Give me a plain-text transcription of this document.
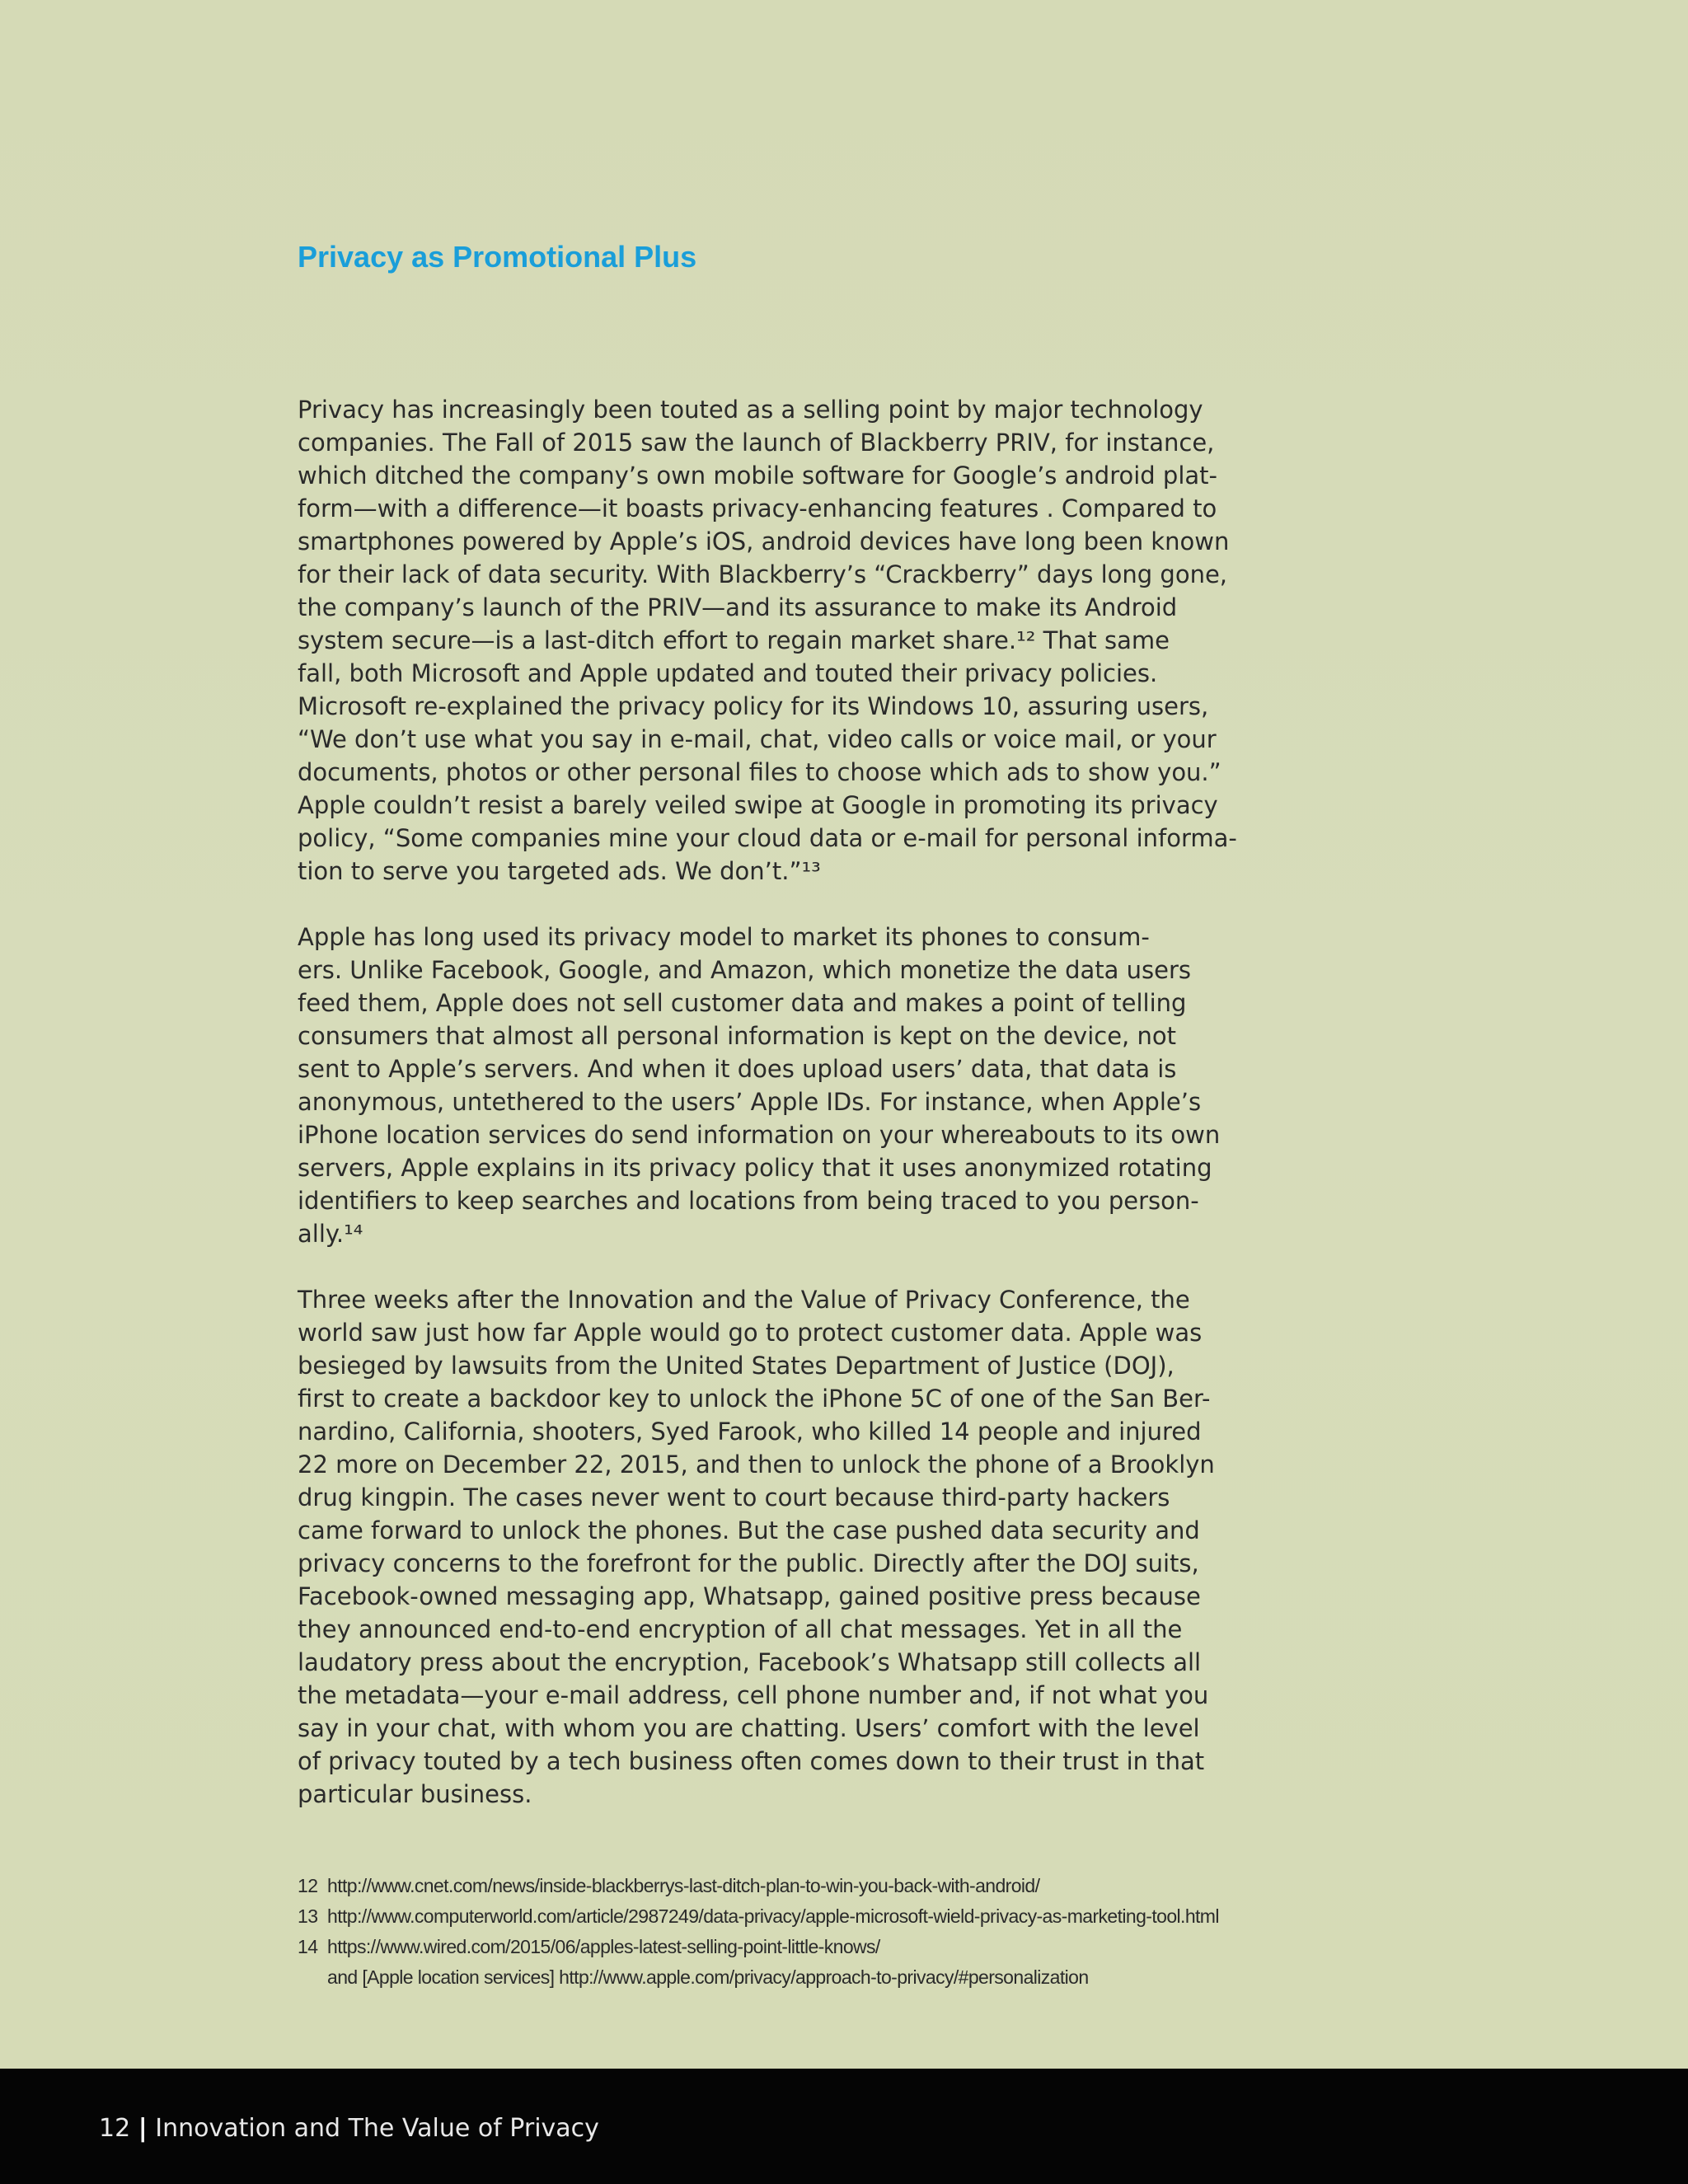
Privacy as Promotional Plus

Privacy has increasingly been touted as a selling point by major technology
companies. The Fall of 2015 saw the launch of Blackberry PRIV, for instance,
which ditched the company’s own mobile software for Google’s android plat-
form—with a difference—it boasts privacy-enhancing features . Compared to
smartphones powered by Apple’s iOS, android devices have long been known
for their lack of data security. With Blackberry’s “Crackberry” days long gone,
the company’s launch of the PRIV—and its assurance to make its Android
system secure—is a last-ditch effort to regain market share.¹² That same
fall, both Microsoft and Apple updated and touted their privacy policies.
Microsoft re-explained the privacy policy for its Windows 10, assuring users,
“We don’t use what you say in e-mail, chat, video calls or voice mail, or your
documents, photos or other personal files to choose which ads to show you.”
Apple couldn’t resist a barely veiled swipe at Google in promoting its privacy
policy, “Some companies mine your cloud data or e-mail for personal informa-
tion to serve you targeted ads. We don’t.”¹³

Apple has long used its privacy model to market its phones to consum-
ers. Unlike Facebook, Google, and Amazon, which monetize the data users
feed them, Apple does not sell customer data and makes a point of telling
consumers that almost all personal information is kept on the device, not
sent to Apple’s servers. And when it does upload users’ data, that data is
anonymous, untethered to the users’ Apple IDs. For instance, when Apple’s
iPhone location services do send information on your whereabouts to its own
servers, Apple explains in its privacy policy that it uses anonymized rotating
identifiers to keep searches and locations from being traced to you person-
ally.¹⁴

Three weeks after the Innovation and the Value of Privacy Conference, the
world saw just how far Apple would go to protect customer data. Apple was
besieged by lawsuits from the United States Department of Justice (DOJ),
first to create a backdoor key to unlock the iPhone 5C of one of the San Ber-
nardino, California, shooters, Syed Farook, who killed 14 people and injured
22 more on December 22, 2015, and then to unlock the phone of a Brooklyn
drug kingpin. The cases never went to court because third-party hackers
came forward to unlock the phones. But the case pushed data security and
privacy concerns to the forefront for the public. Directly after the DOJ suits,
Facebook-owned messaging app, Whatsapp, gained positive press because
they announced end-to-end encryption of all chat messages. Yet in all the
laudatory press about the encryption, Facebook’s Whatsapp still collects all
the metadata—your e-mail address, cell phone number and, if not what you
say in your chat, with whom you are chatting. Users’ comfort with the level
of privacy touted by a tech business often comes down to their trust in that
particular business.

12 http://www.cnet.com/news/inside-blackberrys-last-ditch-plan-to-win-you-back-with-android/
13 http://www.computerworld.com/article/2987249/data-privacy/apple-microsoft-wield-privacy-as-marketing-tool.html
14 https://www.wired.com/2015/06/apples-latest-selling-point-little-knows/
and [Apple location services] http://www.apple.com/privacy/approach-to-privacy/#personalization
12 | Innovation and The Value of Privacy
